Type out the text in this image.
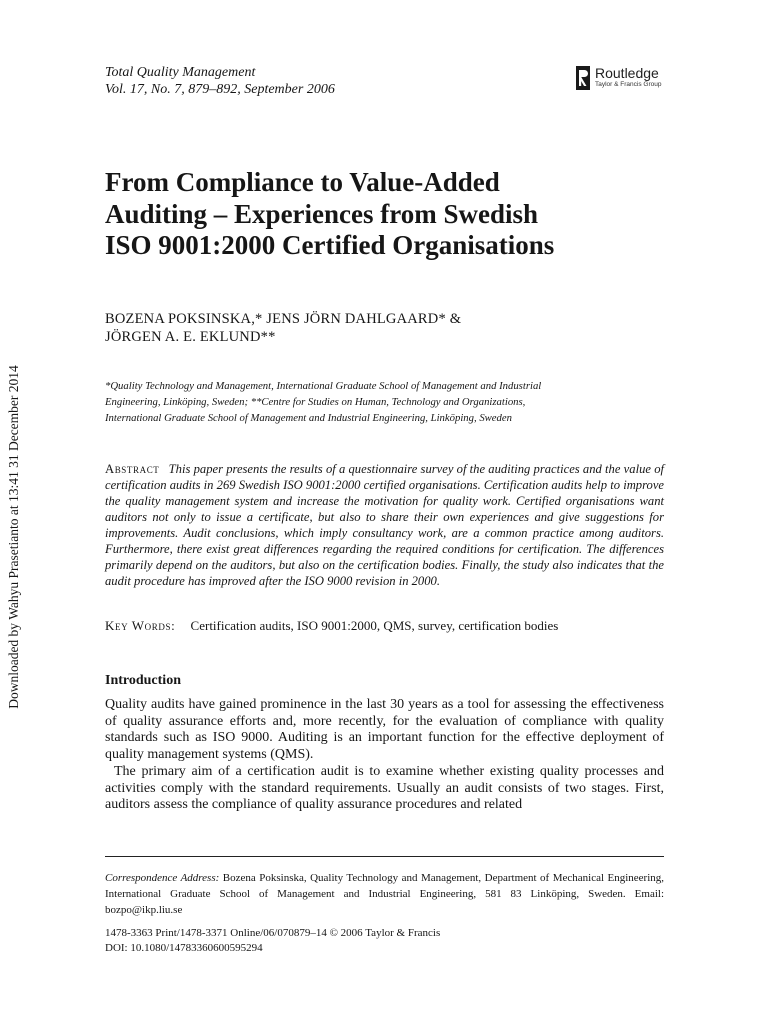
Downloaded by Wahyu Prasetianto at 13:41 31 December 2014
Total Quality Management
Vol. 17, No. 7, 879–892, September 2006
Routledge
Taylor & Francis Group
From Compliance to Value-Added
Auditing – Experiences from Swedish
ISO 9001:2000 Certified Organisations
BOZENA POKSINSKA,* JENS JÖRN DAHLGAARD* &
JÖRGEN A. E. EKLUND**
*Quality Technology and Management, International Graduate School of Management and Industrial
Engineering, Linköping, Sweden; **Centre for Studies on Human, Technology and Organizations,
International Graduate School of Management and Industrial Engineering, Linköping, Sweden
Abstract This paper presents the results of a questionnaire survey of the auditing practices and the value of certification audits in 269 Swedish ISO 9001:2000 certified organisations. Certification audits help to improve the quality management system and increase the motivation for quality work. Certified organisations want auditors not only to issue a certificate, but also to share their own experiences and give suggestions for improvements. Audit conclusions, which imply consultancy work, are a common practice among auditors. Furthermore, there exist great differences regarding the required conditions for certification. The differences primarily depend on the auditors, but also on the certification bodies. Finally, the study also indicates that the audit procedure has improved after the ISO 9000 revision in 2000.
Key Words: Certification audits, ISO 9001:2000, QMS, survey, certification bodies
Introduction

Quality audits have gained prominence in the last 30 years as a tool for assessing the effectiveness of quality assurance efforts and, more recently, for the evaluation of compliance with quality standards such as ISO 9000. Auditing is an important function for the effective deployment of quality management systems (QMS).

The primary aim of a certification audit is to examine whether existing quality processes and activities comply with the standard requirements. Usually an audit consists of two stages. First, auditors assess the compliance of quality assurance procedures and related

Correspondence Address: Bozena Poksinska, Quality Technology and Management, Department of Mechanical Engineering, International Graduate School of Management and Industrial Engineering, 581 83 Linköping, Sweden. Email: bozpo@ikp.liu.se
1478-3363 Print/1478-3371 Online/06/070879–14 © 2006 Taylor & Francis
DOI: 10.1080/14783360600595294
